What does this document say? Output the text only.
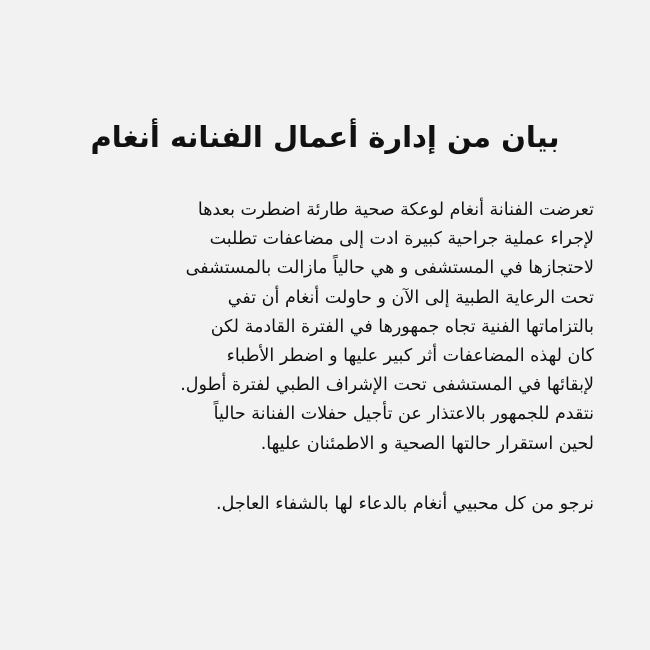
بيان من إدارة أعمال الفنانه أنغام

تعرضت الفنانة أنغام لوعكة صحية طارئة اضطرت بعدها
لإجراء عملية جراحية كبيرة ادت إلى مضاعفات تطلبت
لاحتجازها في المستشفى و هي حالياً مازالت بالمستشفى
تحت الرعاية الطبية إلى الآن و حاولت أنغام أن تفي
بالتزاماتها الفنية تجاه جمهورها في الفترة القادمة لكن
كان لهذه المضاعفات أثر كبير عليها و اضطر الأطباء
لإبقائها في المستشفى تحت الإشراف الطبي لفترة أطول.
نتقدم للجمهور بالاعتذار عن تأجيل حفلات الفنانة حالياً
لحين استقرار حالتها الصحية و الاطمئنان عليها.

نرجو من كل محبيي أنغام بالدعاء لها بالشفاء العاجل.
